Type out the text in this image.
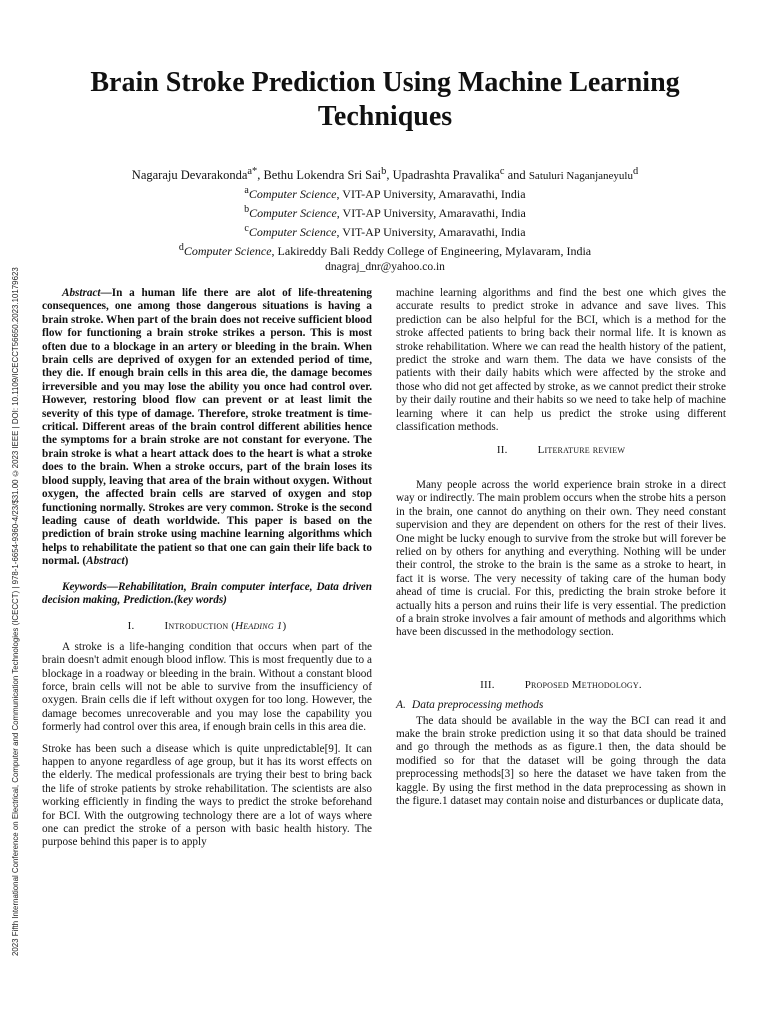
2023 Fifth International Conference on Electrical, Computer and Communication Technologies (ICECCT) | 978-1-6654-9360-4/23/$31.00 ©2023 IEEE | DOI: 10.1109/ICECCT56650.2023.10179623
Brain Stroke Prediction Using Machine Learning Techniques
Nagaraju Devarakonda$^{a*}$, Bethu Lokendra Sri Sai$^b$, Upadrashta Pravalika$^c$ and Satuluri Naganjaneyulu$^d$
$^a$Computer Science, VIT-AP University, Amaravathi, India
$^b$Computer Science, VIT-AP University, Amaravathi, India
$^c$Computer Science, VIT-AP University, Amaravathi, India
$^d$Computer Science, Lakireddy Bali Reddy College of Engineering, Mylavaram, India
dnagraj_dnr@yahoo.co.in

Abstract—In a human life there are alot of life-threatening consequences, one among those dangerous situations is having a brain stroke. When part of the brain does not receive sufficient blood flow for functioning a brain stroke strikes a person. This is most often due to a blockage in an artery or bleeding in the brain. When brain cells are deprived of oxygen for an extended period of time, they die. If enough brain cells in this area die, the damage becomes irreversible and you may lose the ability you once had control over. However, restoring blood flow can prevent or at least limit the severity of this type of damage. Therefore, stroke treatment is time-critical. Different areas of the brain control different abilities hence the symptoms for a brain stroke are not constant for everyone. The brain stroke is what a heart attack does to the heart is what a stroke does to the brain. When a stroke occurs, part of the brain loses its blood supply, leaving that area of the brain without oxygen. Without oxygen, the affected brain cells are starved of oxygen and stop functioning normally. Strokes are very common. Stroke is the second leading cause of death worldwide. This paper is based on the prediction of brain stroke using machine learning algorithms which helps to rehabilitate the patient so that one can gain their life back to normal. (Abstract)

Keywords—Rehabilitation, Brain computer interface, Data driven decision making, Prediction.(key words)

I.	Introduction (Heading 1)

A stroke is a life-hanging condition that occurs when part of the brain doesn't admit enough blood inflow. This is most frequently due to a blockage in a roadway or bleeding in the brain. Without a constant blood force, brain cells will not be able to survive from the insufficiency of oxygen. Brain cells die if left without oxygen for too long. However, the damage becomes unrecoverable and you may lose the capability you formerly had control over this area, if enough brain cells in this area die.

Stroke has been such a disease which is quite unpredictable[9]. It can happen to anyone regardless of age group, but it has its worst effects on the elderly. The medical professionals are trying their best to bring back the life of stroke patients by stroke rehabilitation. The scientists are also working efficiently in finding the ways to predict the stroke beforehand for BCI. With the outgrowing technology there are a lot of ways where one can predict the stroke of a person with basic health history. The purpose behind this paper is to apply

machine learning algorithms and find the best one which gives the accurate results to predict stroke in advance and save lives. This prediction can be also helpful for the BCI, which is a method for the stroke affected patients to bring back their normal life. It is known as stroke rehabilitation. Where we can read the health history of the patient, predict the stroke and warn them. The data we have consists of the patients with their daily habits which were affected by the stroke and those who did not get affected by stroke, as we cannot predict their stroke by their daily routine and their habits so we need to take help of machine learning where it can help us predict the stroke using different classification methods.

II.	Literature review

Many people across the world experience brain stroke in a direct way or indirectly. The main problem occurs when the strobe hits a person in the brain, one cannot do anything on their own. They need constant supervision and they are dependent on others for the rest of their lives. One might be lucky enough to survive from the stroke but will forever be relied on by others for anything and everything. Nothing will be under their control, the stroke to the brain is the same as a stroke to heart, in fact it is worse. The very necessity of taking care of the human body ahead of time is crucial. For this, predicting the brain stroke before it actually hits a person and ruins their life is very essential. The prediction of a brain stroke involves a fair amount of methods and algorithms which have been discussed in the methodology section.

III.	Proposed Methodology.
A. Data preprocessing methods

The data should be available in the way the BCI can read it and make the brain stroke prediction using it so that data should be trained and go through the methods as as figure.1 then, the data should be modified so for that the dataset will be going through the data preprocessing methods[3] so here the dataset we have taken from the kaggle. By using the first method in the data preprocessing as shown in the figure.1 dataset may contain noise and disturbances or duplicate data,
